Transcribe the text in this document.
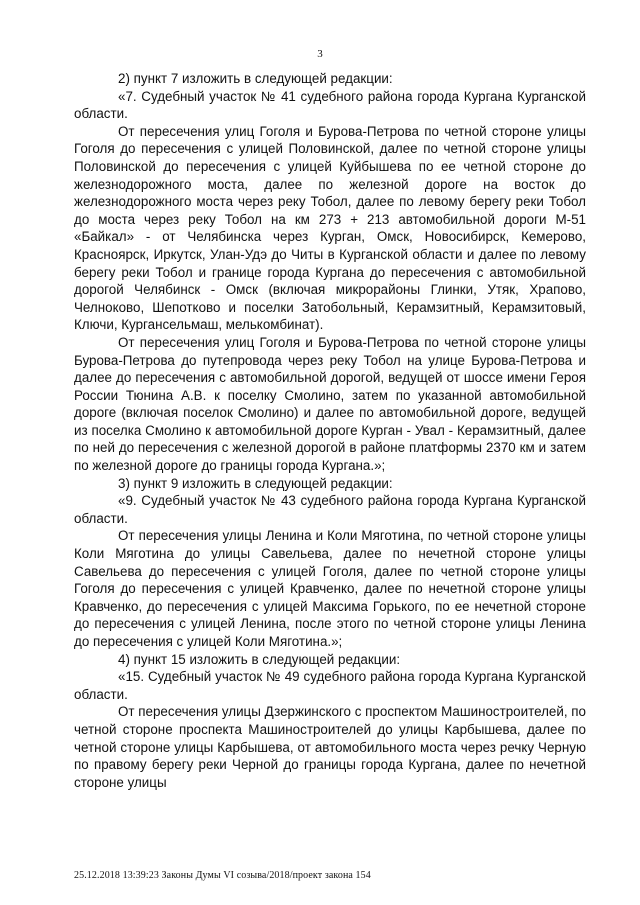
3

2) пункт 7 изложить в следующей редакции:

«7. Судебный участок № 41 судебного района города Кургана Курганской области.

От пересечения улиц Гоголя и Бурова-Петрова по четной стороне улицы Гоголя до пересечения с улицей Половинской, далее по четной стороне улицы Половинской до пересечения с улицей Куйбышева по ее четной стороне до железнодорожного моста, далее по железной дороге на восток до железнодорожного моста через реку Тобол, далее по левому берегу реки Тобол до моста через реку Тобол на км 273 + 213 автомобильной дороги М-51 «Байкал» - от Челябинска через Курган, Омск, Новосибирск, Кемерово, Красноярск, Иркутск, Улан-Удэ до Читы в Курганской области и далее по левому берегу реки Тобол и границе города Кургана до пересечения с автомобильной дорогой Челябинск - Омск (включая микрорайоны Глинки, Утяк, Храпово, Челноково, Шепотково и поселки Затобольный, Керамзитный, Керамзитовый, Ключи, Кургансельмаш, мелькомбинат).

От пересечения улиц Гоголя и Бурова-Петрова по четной стороне улицы Бурова-Петрова до путепровода через реку Тобол на улице Бурова-Петрова и далее до пересечения с автомобильной дорогой, ведущей от шоссе имени Героя России Тюнина А.В. к поселку Смолино, затем по указанной автомобильной дороге (включая поселок Смолино) и далее по автомобильной дороге, ведущей из поселка Смолино к автомобильной дороге Курган - Увал - Керамзитный, далее по ней до пересечения с железной дорогой в районе платформы 2370 км и затем по железной дороге до границы города Кургана.»;

3) пункт 9 изложить в следующей редакции:

«9. Судебный участок № 43 судебного района города Кургана Курганской области.

От пересечения улицы Ленина и Коли Мяготина, по четной стороне улицы Коли Мяготина до улицы Савельева, далее по нечетной стороне улицы Савельева до пересечения с улицей Гоголя, далее по четной стороне улицы Гоголя до пересечения с улицей Кравченко, далее по нечетной стороне улицы Кравченко, до пересечения с улицей Максима Горького, по ее нечетной стороне до пересечения с улицей Ленина, после этого по четной стороне улицы Ленина до пересечения с улицей Коли Мяготина.»;

4) пункт 15 изложить в следующей редакции:

«15. Судебный участок № 49 судебного района города Кургана Курганской области.

От пересечения улицы Дзержинского с проспектом Машиностроителей, по четной стороне проспекта Машиностроителей до улицы Карбышева, далее по четной стороне улицы Карбышева, от автомобильного моста через речку Черную по правому берегу реки Черной до границы города Кургана, далее по нечетной стороне улицы

25.12.2018 13:39:23 Законы Думы VI созыва/2018/проект закона 154
